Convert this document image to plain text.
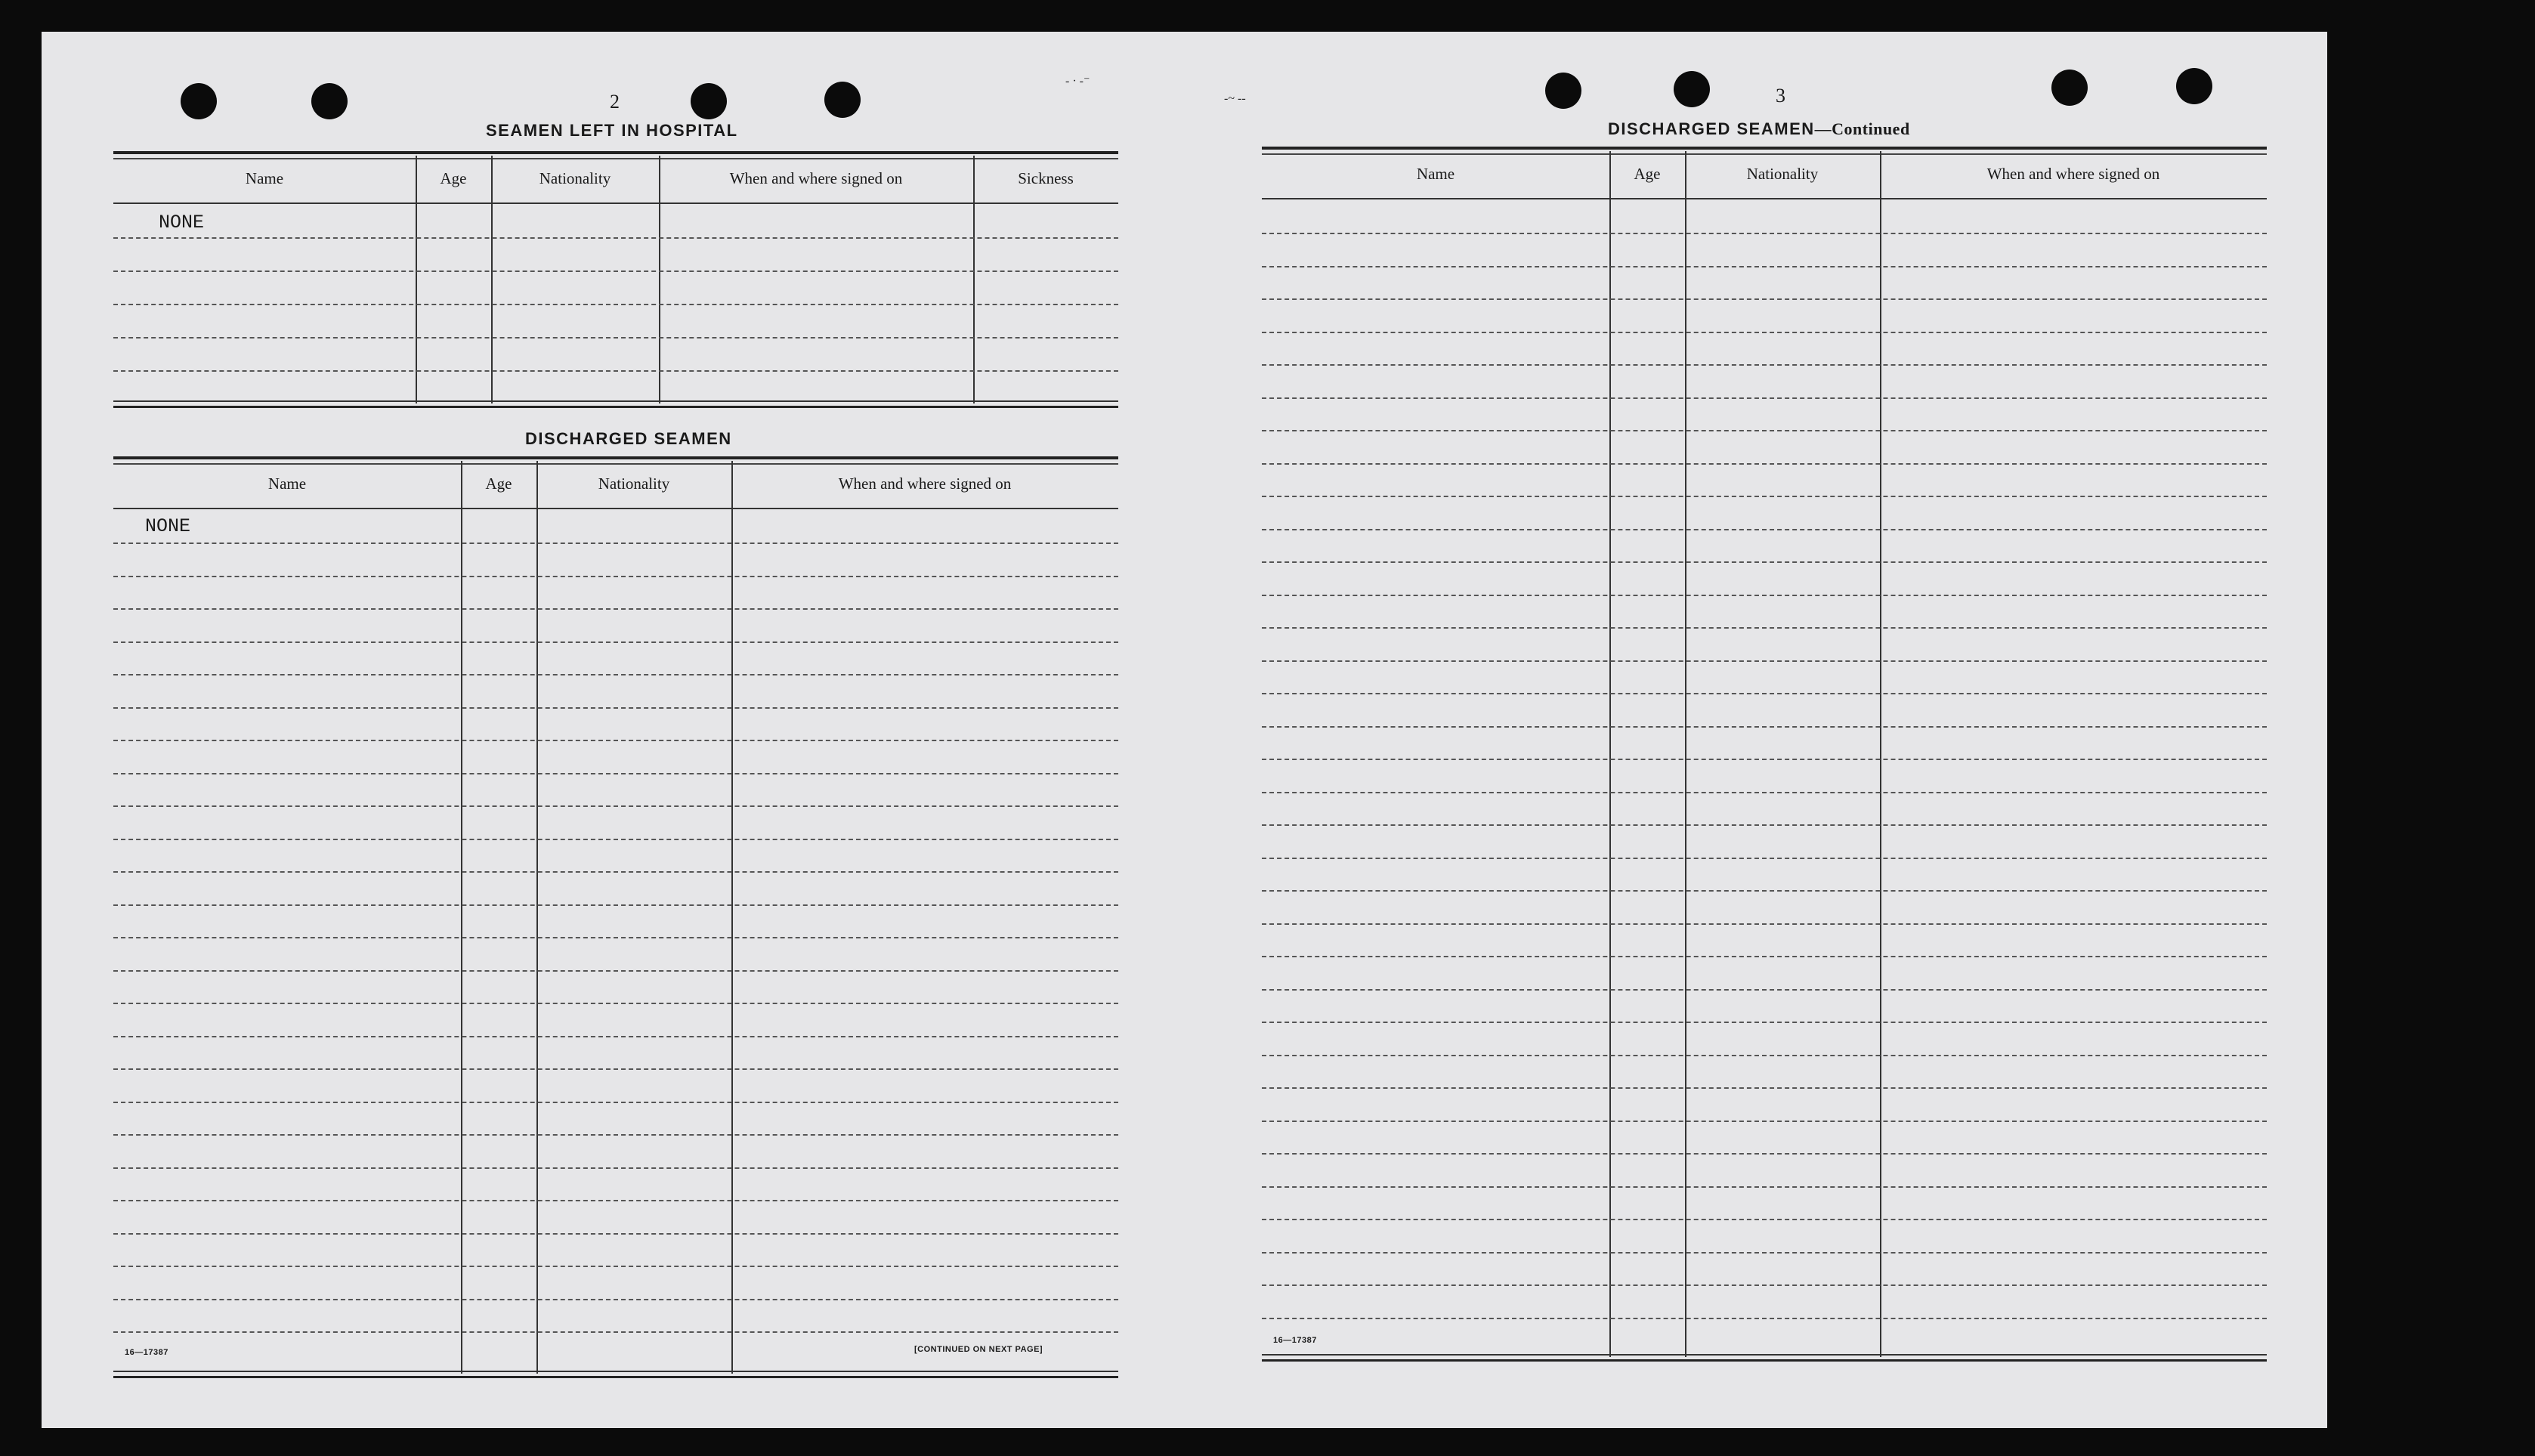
- · -⁻
-~ --
2
SEAMEN LEFT IN HOSPITAL
Name	Age	Nationality	When and where signed on	Sickness
NONE
DISCHARGED SEAMEN
Name	Age	Nationality	When and where signed on
NONE
16—17387	[CONTINUED ON NEXT PAGE]
3
DISCHARGED SEAMEN—Continued
Name	Age	Nationality	When and where signed on
16—17387
